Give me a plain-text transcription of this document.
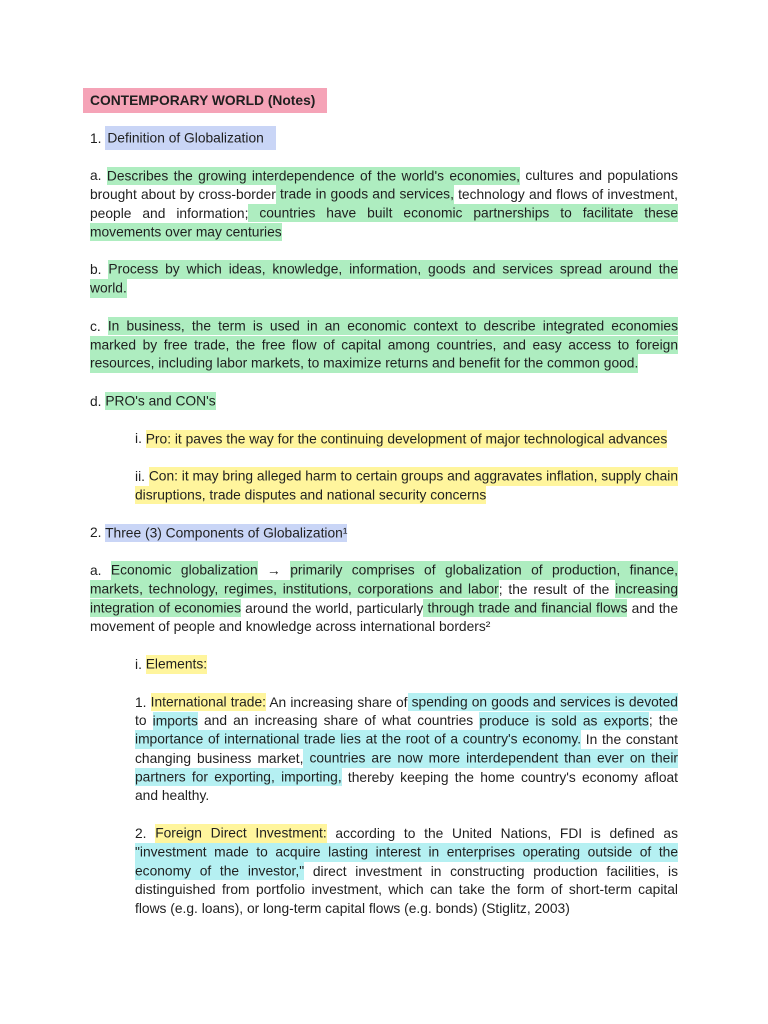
CONTEMPORARY WORLD (Notes)

1. Definition of Globalization

a. Describes the growing interdependence of the world's economies, cultures and populations brought about by cross-border trade in goods and services, technology and flows of investment, people and information; countries have built economic partnerships to facilitate these movements over may centuries

b. Process by which ideas, knowledge, information, goods and services spread around the world.

c. In business, the term is used in an economic context to describe integrated economies marked by free trade, the free flow of capital among countries, and easy access to foreign resources, including labor markets, to maximize returns and benefit for the common good.

d. PRO's and CON's

i. Pro: it paves the way for the continuing development of major technological advances

ii. Con: it may bring alleged harm to certain groups and aggravates inflation, supply chain disruptions, trade disputes and national security concerns

2. Three (3) Components of Globalization¹

a. Economic globalization → primarily comprises of globalization of production, finance, markets, technology, regimes, institutions, corporations and labor; the result of the increasing integration of economies around the world, particularly through trade and financial flows and the movement of people and knowledge across international borders²

i. Elements:

1. International trade: An increasing share of spending on goods and services is devoted to imports and an increasing share of what countries produce is sold as exports; the importance of international trade lies at the root of a country's economy. In the constant changing business market, countries are now more interdependent than ever on their partners for exporting, importing, thereby keeping the home country's economy afloat and healthy.

2. Foreign Direct Investment: according to the United Nations, FDI is defined as "investment made to acquire lasting interest in enterprises operating outside of the economy of the investor," direct investment in constructing production facilities, is distinguished from portfolio investment, which can take the form of short-term capital flows (e.g. loans), or long-term capital flows (e.g. bonds) (Stiglitz, 2003)
